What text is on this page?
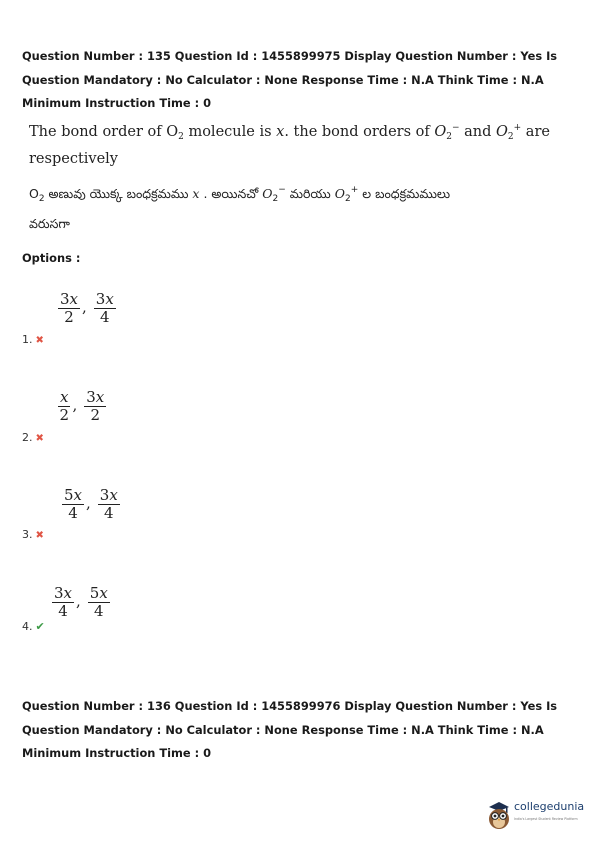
Question Number : 135 Question Id : 1455899975 Display Question Number : Yes Is Question Mandatory : No Calculator : None Response Time : N.A Think Time : N.A Minimum Instruction Time : 0
The bond order of $O_2$ molecule is x. the bond orders of $O_2^-$ and $O_2^+$ are
respectively
$O_2$ అణువు యొక్క బంధక్రమము x . అయినచో $O_2^-$ మరియు $O_2^+$ ల బంధక్రమములు
వరుసగా
Options :
$\frac{3x}{2}$ , $\frac{3x}{4}$
1. ✖
$\frac{x}{2}$ , $\frac{3x}{2}$
2. ✖
$\frac{5x}{4}$ , $\frac{3x}{4}$
3. ✖
$\frac{3x}{4}$ , $\frac{5x}{4}$
4. ✔
Question Number : 136 Question Id : 1455899976 Display Question Number : Yes Is Question Mandatory : No Calculator : None Response Time : N.A Think Time : N.A Minimum Instruction Time : 0
collegedunia
India's Largest Student Review Platform
